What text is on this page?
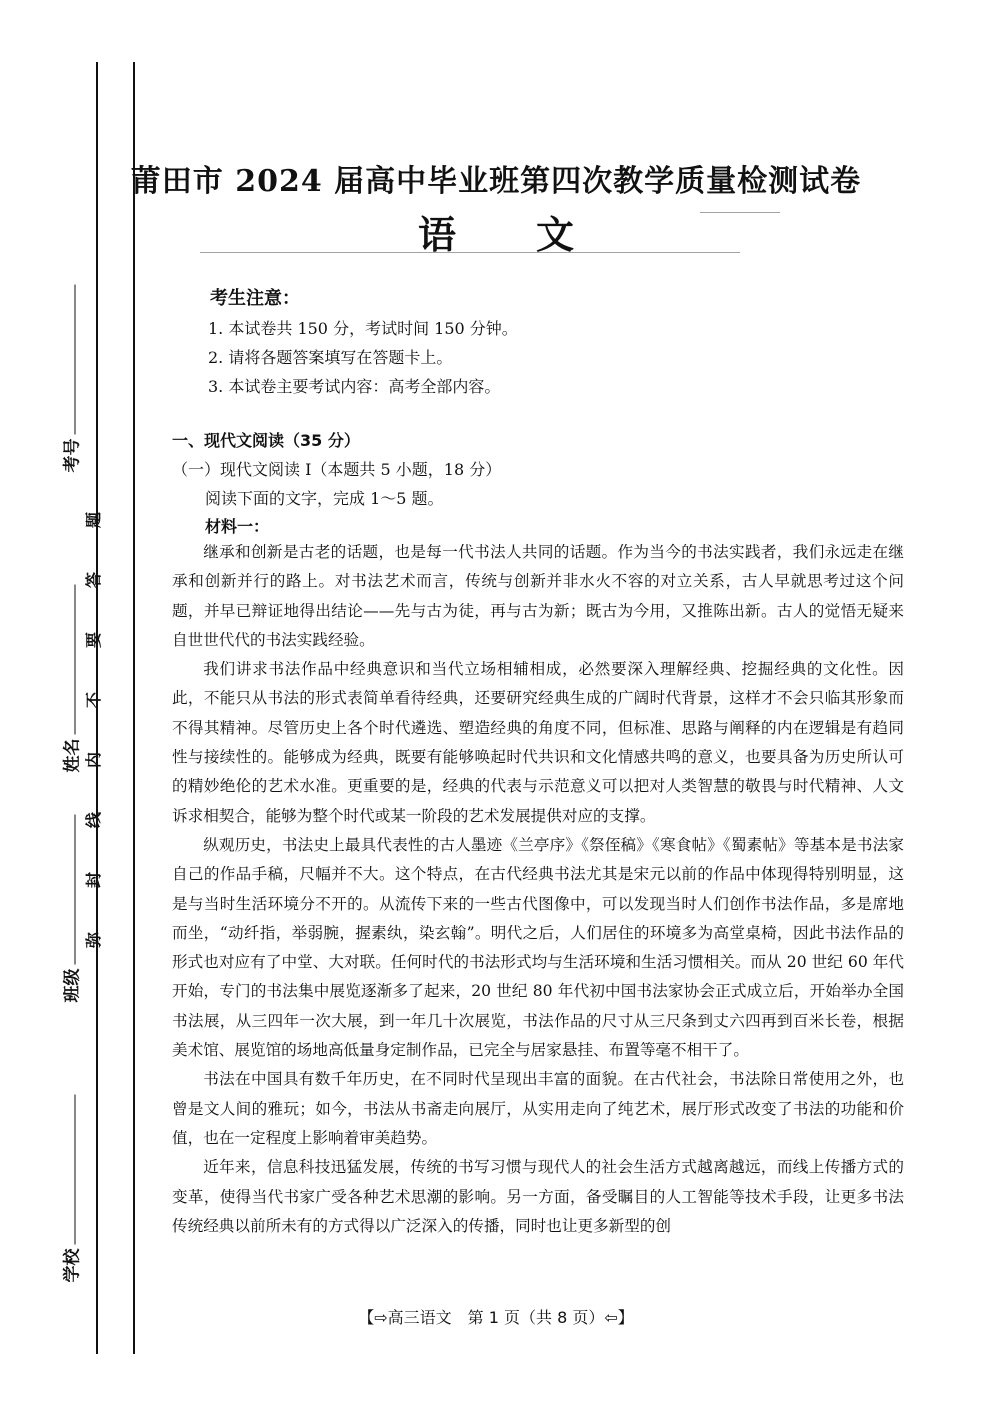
考号
姓名
班级
学校
题
答
要
不
内
线
封
弥
莆田市 2024 届高中毕业班第四次教学质量检测试卷
语文
考生注意：
1. 本试卷共 150 分，考试时间 150 分钟。
2. 请将各题答案填写在答题卡上。
3. 本试卷主要考试内容：高考全部内容。
一、现代文阅读（35 分）
（一）现代文阅读 Ⅰ（本题共 5 小题，18 分）
阅读下面的文字，完成 1～5 题。
材料一：

继承和创新是古老的话题，也是每一代书法人共同的话题。作为当今的书法实践者，我们永远走在继承和创新并行的路上。对书法艺术而言，传统与创新并非水火不容的对立关系，古人早就思考过这个问题，并早已辩证地得出结论——先与古为徒，再与古为新；既古为今用，又推陈出新。古人的觉悟无疑来自世世代代的书法实践经验。

我们讲求书法作品中经典意识和当代立场相辅相成，必然要深入理解经典、挖掘经典的文化性。因此，不能只从书法的形式表简单看待经典，还要研究经典生成的广阔时代背景，这样才不会只临其形象而不得其精神。尽管历史上各个时代遴选、塑造经典的角度不同，但标准、思路与阐释的内在逻辑是有趋同性与接续性的。能够成为经典，既要有能够唤起时代共识和文化情感共鸣的意义，也要具备为历史所认可的精妙绝伦的艺术水准。更重要的是，经典的代表与示范意义可以把对人类智慧的敬畏与时代精神、人文诉求相契合，能够为整个时代或某一阶段的艺术发展提供对应的支撑。

纵观历史，书法史上最具代表性的古人墨迹《兰亭序》《祭侄稿》《寒食帖》《蜀素帖》等基本是书法家自己的作品手稿，尺幅并不大。这个特点，在古代经典书法尤其是宋元以前的作品中体现得特别明显，这是与当时生活环境分不开的。从流传下来的一些古代图像中，可以发现当时人们创作书法作品，多是席地而坐，“动纤指，举弱腕，握素纨，染玄翰”。明代之后，人们居住的环境多为高堂桌椅，因此书法作品的形式也对应有了中堂、大对联。任何时代的书法形式均与生活环境和生活习惯相关。而从 20 世纪 60 年代开始，专门的书法集中展览逐渐多了起来，20 世纪 80 年代初中国书法家协会正式成立后，开始举办全国书法展，从三四年一次大展，到一年几十次展览，书法作品的尺寸从三尺条到丈六四再到百米长卷，根据美术馆、展览馆的场地高低量身定制作品，已完全与居家悬挂、布置等毫不相干了。

书法在中国具有数千年历史，在不同时代呈现出丰富的面貌。在古代社会，书法除日常使用之外，也曾是文人间的雅玩；如今，书法从书斋走向展厅，从实用走向了纯艺术，展厅形式改变了书法的功能和价值，也在一定程度上影响着审美趋势。

近年来，信息科技迅猛发展，传统的书写习惯与现代人的社会生活方式越离越远，而线上传播方式的变革，使得当代书家广受各种艺术思潮的影响。另一方面，备受瞩目的人工智能等技术手段，让更多书法传统经典以前所未有的方式得以广泛深入的传播，同时也让更多新型的创

【⇨高三语文　第 1 页（共 8 页）⇦】
